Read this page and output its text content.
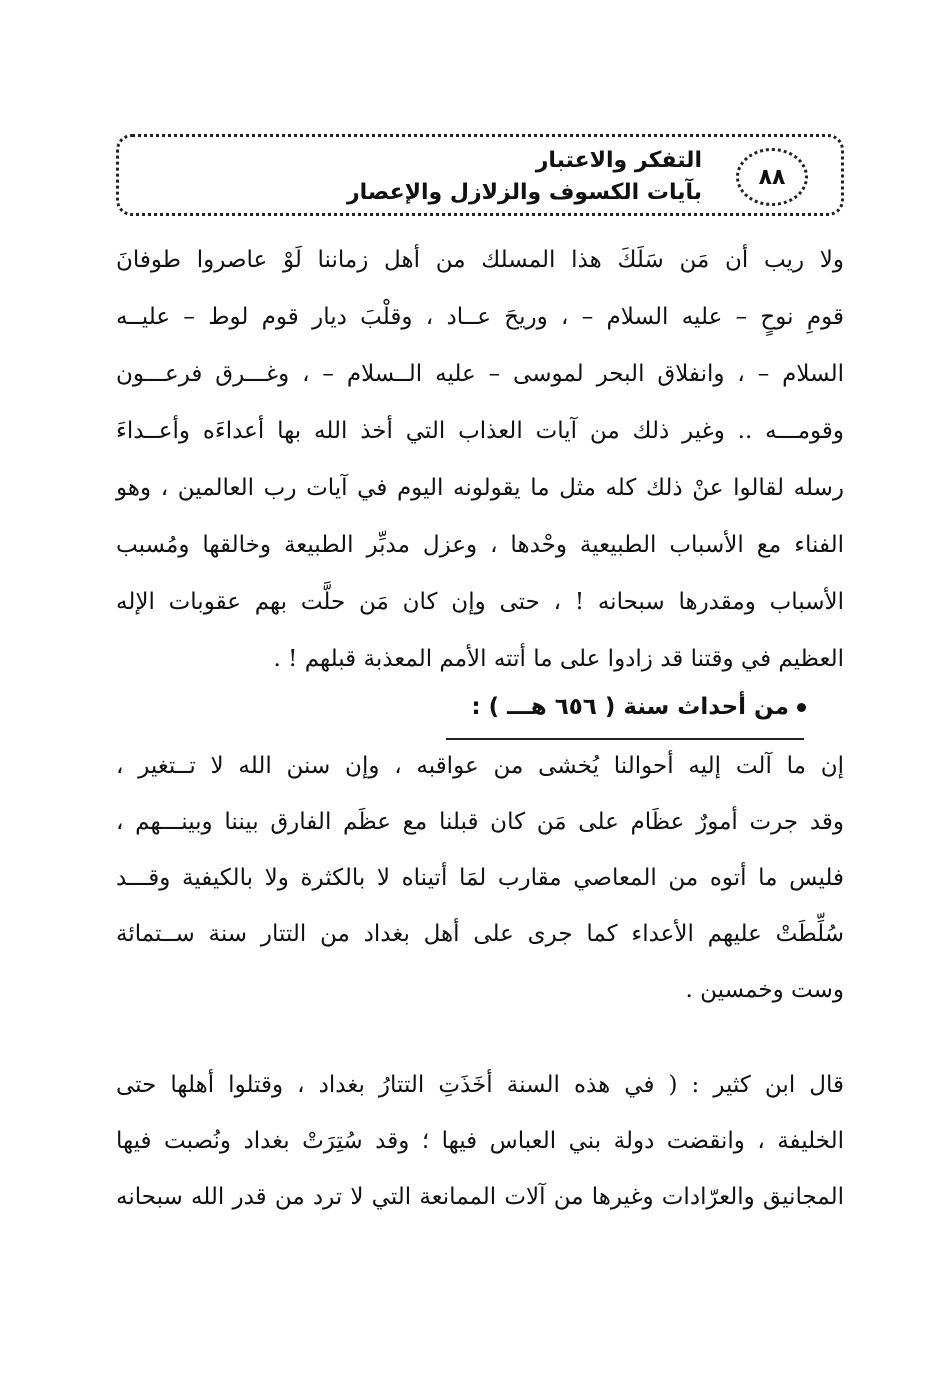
٨٨
التفكر والاعتبار
بآيات الكسوف والزلازل والإعصار
ولا ريب أن مَن سَلَكَ هذا المسلك من أهل زماننا لَوْ عاصروا طوفانَ
قومِ نوحٍ – عليه السلام – ، وريحَ عــاد ، وقلْبَ ديار قوم لوط – عليــه
السلام – ، وانفلاق البحر لموسى – عليه الــسلام – ، وغـــرق فرعـــون
وقومـــه .. وغير ذلك من آيات العذاب التي أخذ الله بها أعداءَه وأعــداءَ
رسله لقالوا عنْ ذلك كله مثل ما يقولونه اليوم في آيات رب العالمين ، وهو
الفناء مع الأسباب الطبيعية وحْدها ، وعزل مدبِّر الطبيعة وخالقها ومُسبب
الأسباب ومقدرها سبحانه ! ، حتى وإن كان مَن حلَّت بهم عقوبات الإله
العظيم في وقتنا قد زادوا على ما أتته الأمم المعذبة قبلهم ! .
من أحداث سنة ( ٦٥٦ هـــ ) :
إن ما آلت إليه أحوالنا يُخشى من عواقبه ، وإن سنن الله لا تــتغير ،
وقد جرت أمورٌ عظَام على مَن كان قبلنا مع عظَم الفارق بيننا وبينـــهم ،
فليس ما أتوه من المعاصي مقارب لمَا أتيناه لا بالكثرة ولا بالكيفية وقـــد
سُلِّطَتْ عليهم الأعداء كما جرى على أهل بغداد من التتار سنة ســتمائة
وست وخمسين .
قال ابن كثير : ( في هذه السنة أخَذَتِ التتارُ بغداد ، وقتلوا أهلها حتى
الخليفة ، وانقضت دولة بني العباس فيها ؛ وقد سُتِرَتْ بغداد ونُصبت فيها
المجانيق والعرّادات وغيرها من آلات الممانعة التي لا ترد من قدر الله سبحانه
